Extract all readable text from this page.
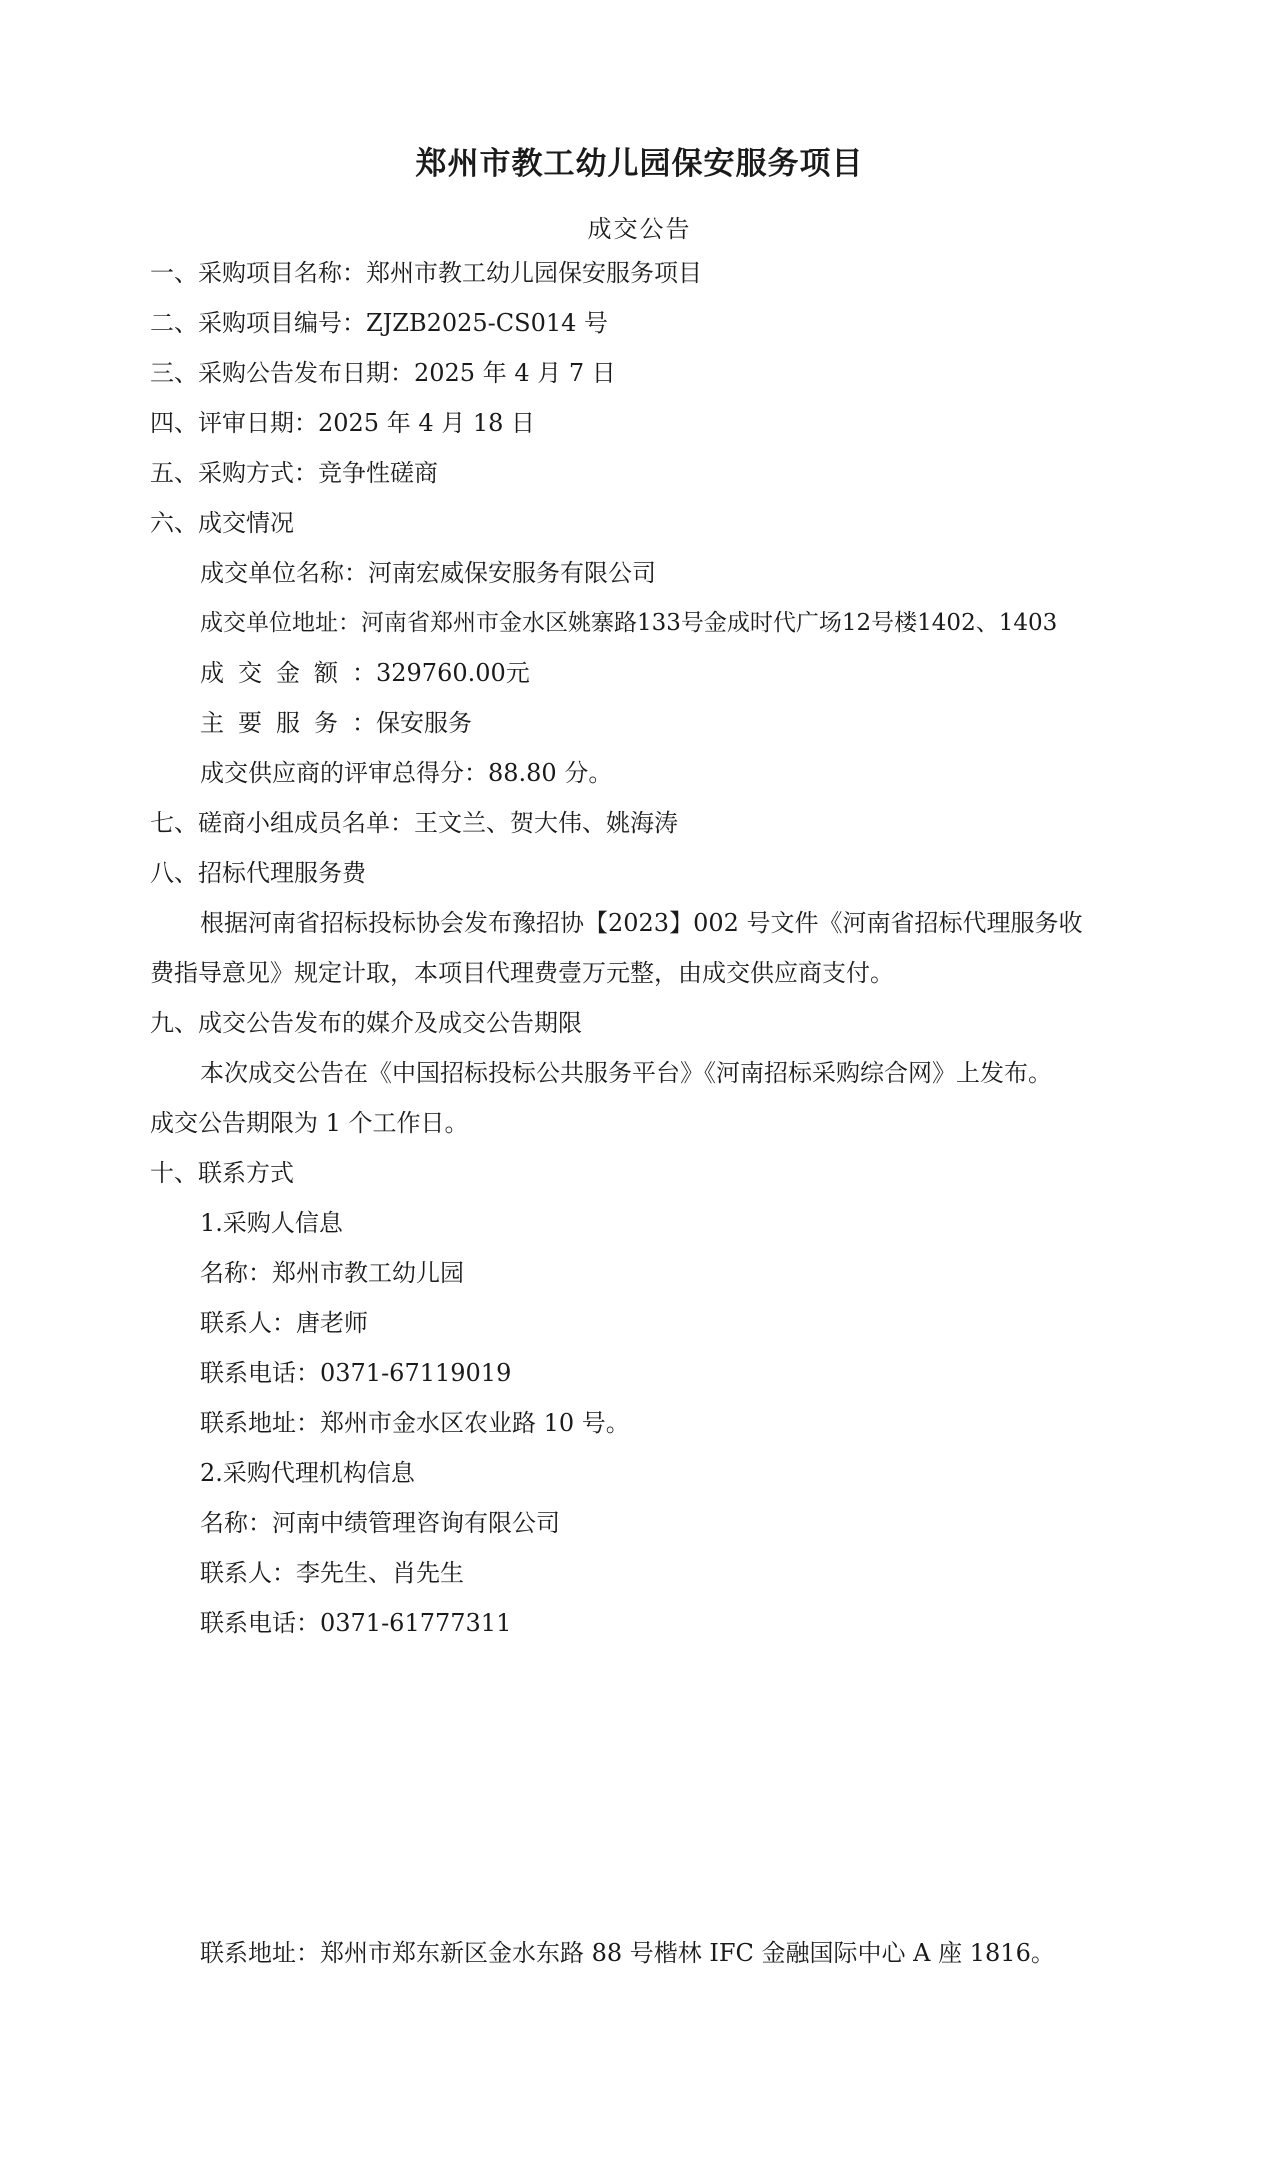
郑州市教工幼儿园保安服务项目
成交公告
一、采购项目名称：郑州市教工幼儿园保安服务项目
二、采购项目编号：ZJZB2025-CS014 号
三、采购公告发布日期：2025 年 4 月 7 日
四、评审日期：2025 年 4 月 18 日
五、采购方式：竞争性磋商
六、成交情况
成交单位名称：河南宏威保安服务有限公司
成交单位地址：河南省郑州市金水区姚寨路133号金成时代广场12号楼1402、1403
成交金额：329760.00元
主要服务：保安服务
成交供应商的评审总得分：88.80 分。
七、磋商小组成员名单：王文兰、贺大伟、姚海涛
八、招标代理服务费
根据河南省招标投标协会发布豫招协【2023】002 号文件《河南省招标代理服务收
费指导意见》规定计取，本项目代理费壹万元整，由成交供应商支付。
九、成交公告发布的媒介及成交公告期限
本次成交公告在《中国招标投标公共服务平台》《河南招标采购综合网》上发布。
成交公告期限为 1 个工作日。
十、联系方式
1.采购人信息
名称：郑州市教工幼儿园
联系人：唐老师
联系电话：0371-67119019
联系地址：郑州市金水区农业路 10 号。
2.采购代理机构信息
名称：河南中绩管理咨询有限公司
联系人：李先生、肖先生
联系电话：0371-61777311
联系地址：郑州市郑东新区金水东路 88 号楷林 IFC 金融国际中心 A 座 1816。
